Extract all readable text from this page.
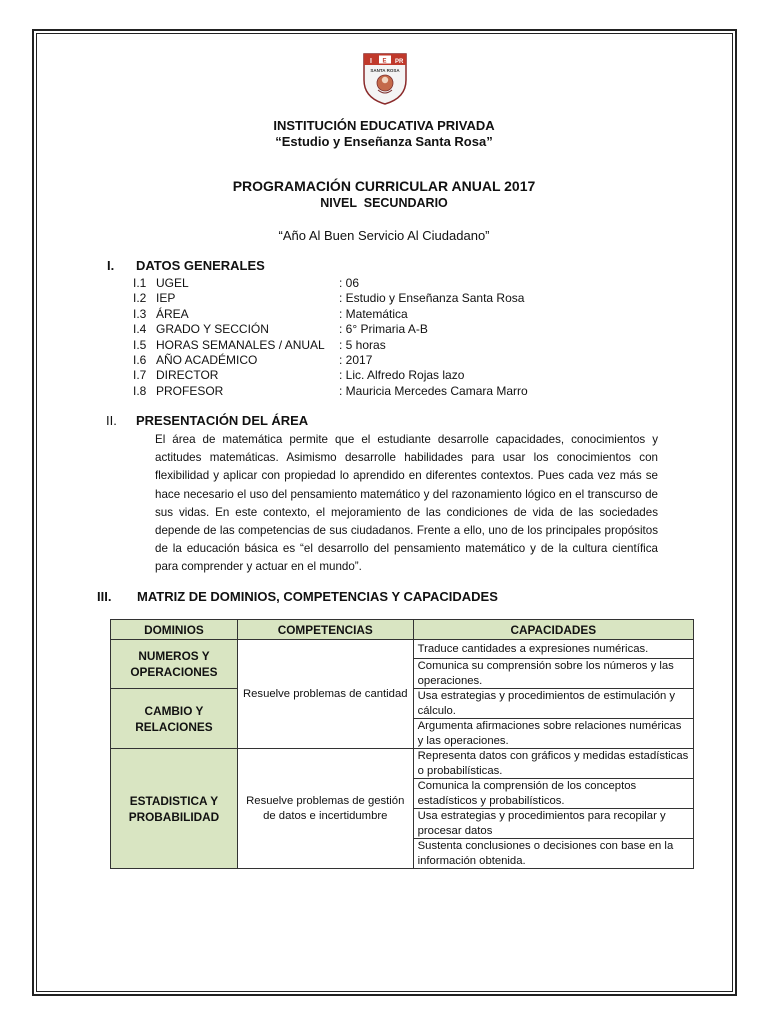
I E PR
SANTA ROSA
INSTITUCIÓN EDUCATIVA PRIVADA
“Estudio y Enseñanza Santa Rosa”
PROGRAMACIÓN CURRICULAR ANUAL 2017
NIVEL  SECUNDARIO
“Año Al Buen Servicio Al Ciudadano”
I. DATOS GENERALES
I.1 UGEL	: 06
I.2 IEP	: Estudio y Enseñanza Santa Rosa
I.3 ÁREA	: Matemática
I.4 GRADO Y SECCIÓN	: 6° Primaria A-B
I.5 HORAS SEMANALES / ANUAL : 5 horas
I.6 AÑO ACADÉMICO	: 2017
I.7 DIRECTOR	: Lic. Alfredo Rojas lazo
I.8 PROFESOR	: Mauricia Mercedes Camara Marro
II. PRESENTACIÓN DEL ÁREA
El área de matemática permite que el estudiante desarrolle capacidades, conocimientos y actitudes matemáticas. Asimismo desarrolle habilidades para usar los conocimientos con flexibilidad y aplicar con propiedad lo aprendido en diferentes contextos. Pues cada vez más se hace necesario el uso del pensamiento matemático y del razonamiento lógico en el transcurso de sus vidas. En este contexto, el mejoramiento de las condiciones de vida de las sociedades depende de las competencias de sus ciudadanos. Frente a ello, uno de los principales propósitos de la educación básica es “el desarrollo del pensamiento matemático y de la cultura científica para comprender y actuar en el mundo”.
III. MATRIZ DE DOMINIOS, COMPETENCIAS Y CAPACIDADES
DOMINIOS	COMPETENCIAS	CAPACIDADES
NUMEROS Y OPERACIONES	Resuelve problemas de cantidad	Traduce cantidades a expresiones numéricas.
		Comunica su comprensión sobre los números y las operaciones.
CAMBIO Y RELACIONES		Usa estrategias y procedimientos de estimulación y cálculo.
		Argumenta afirmaciones sobre relaciones numéricas y las operaciones.
ESTADISTICA Y PROBABILIDAD	Resuelve problemas de gestión de datos e incertidumbre	Representa datos con gráficos y medidas estadísticas o probabilísticas.
		Comunica la comprensión de los conceptos estadísticos y probabilísticos.
		Usa estrategias y procedimientos para recopilar y procesar datos
		Sustenta conclusiones o decisiones con base en la información obtenida.
